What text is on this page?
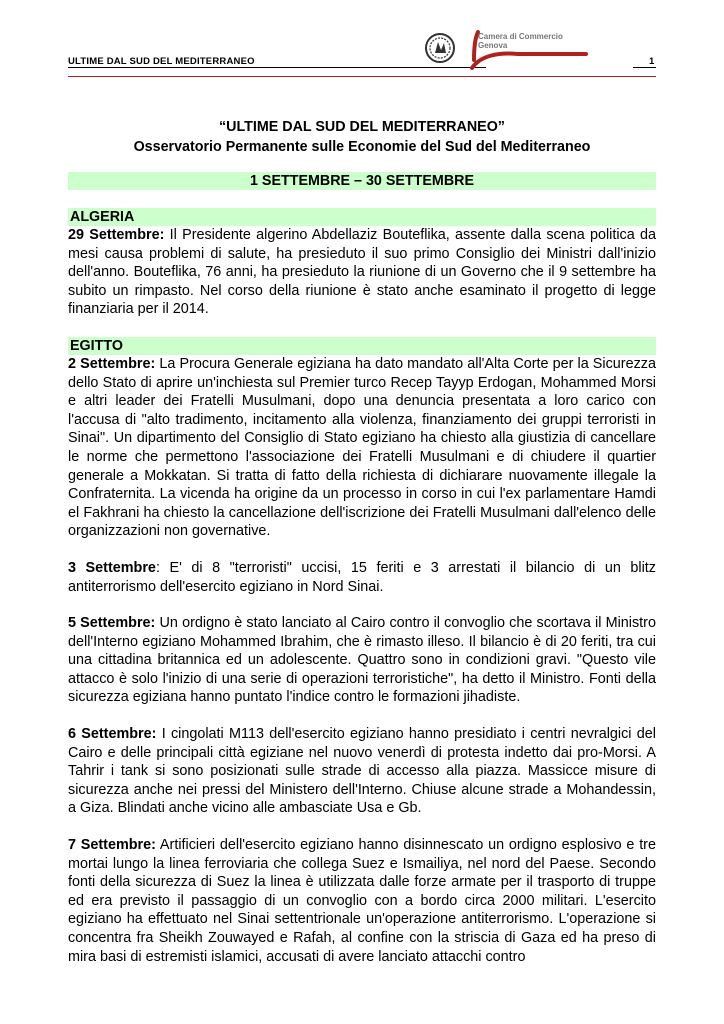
ULTIME DAL SUD DEL MEDITERRANEO	1
Camera di Commercio
Genova
“ULTIME DAL SUD DEL MEDITERRANEO”
Osservatorio Permanente sulle Economie del Sud del Mediterraneo
1 SETTEMBRE – 30 SETTEMBRE
ALGERIA

29 Settembre: Il Presidente algerino Abdellaziz Bouteflika, assente dalla scena politica da mesi causa problemi di salute, ha presieduto il suo primo Consiglio dei Ministri dall'inizio dell'anno. Bouteflika, 76 anni, ha presieduto la riunione di un Governo che il 9 settembre ha subito un rimpasto. Nel corso della riunione è stato anche esaminato il progetto di legge finanziaria per il 2014.

EGITTO

2 Settembre: La Procura Generale egiziana ha dato mandato all'Alta Corte per la Sicurezza dello Stato di aprire un'inchiesta sul Premier turco Recep Tayyp Erdogan, Mohammed Morsi e altri leader dei Fratelli Musulmani, dopo una denuncia presentata a loro carico con l'accusa di "alto tradimento, incitamento alla violenza, finanziamento dei gruppi terroristi in Sinai". Un dipartimento del Consiglio di Stato egiziano ha chiesto alla giustizia di cancellare le norme che permettono l'associazione dei Fratelli Musulmani e di chiudere il quartier generale a Mokkatan. Si tratta di fatto della richiesta di dichiarare nuovamente illegale la Confraternita. La vicenda ha origine da un processo in corso in cui l'ex parlamentare Hamdi el Fakhrani ha chiesto la cancellazione dell'iscrizione dei Fratelli Musulmani dall'elenco delle organizzazioni non governative.

3 Settembre: E' di 8 "terroristi" uccisi, 15 feriti e 3 arrestati il bilancio di un blitz antiterrorismo dell'esercito egiziano in Nord Sinai.

5 Settembre: Un ordigno è stato lanciato al Cairo contro il convoglio che scortava il Ministro dell'Interno egiziano Mohammed Ibrahim, che è rimasto illeso. Il bilancio è di 20 feriti, tra cui una cittadina britannica ed un adolescente. Quattro sono in condizioni gravi. "Questo vile attacco è solo l'inizio di una serie di operazioni terroristiche", ha detto il Ministro. Fonti della sicurezza egiziana hanno puntato l'indice contro le formazioni jihadiste.

6 Settembre: I cingolati M113 dell'esercito egiziano hanno presidiato i centri nevralgici del Cairo e delle principali città egiziane nel nuovo venerdì di protesta indetto dai pro-Morsi. A Tahrir i tank si sono posizionati sulle strade di accesso alla piazza. Massicce misure di sicurezza anche nei pressi del Ministero dell'Interno. Chiuse alcune strade a Mohandessin, a Giza. Blindati anche vicino alle ambasciate Usa e Gb.

7 Settembre: Artificieri dell'esercito egiziano hanno disinnescato un ordigno esplosivo e tre mortai lungo la linea ferroviaria che collega Suez e Ismailiya, nel nord del Paese. Secondo fonti della sicurezza di Suez la linea è utilizzata dalle forze armate per il trasporto di truppe ed era previsto il passaggio di un convoglio con a bordo circa 2000 militari. L'esercito egiziano ha effettuato nel Sinai settentrionale un'operazione antiterrorismo. L'operazione si concentra fra Sheikh Zouwayed e Rafah, al confine con la striscia di Gaza ed ha preso di mira basi di estremisti islamici, accusati di avere lanciato attacchi contro
